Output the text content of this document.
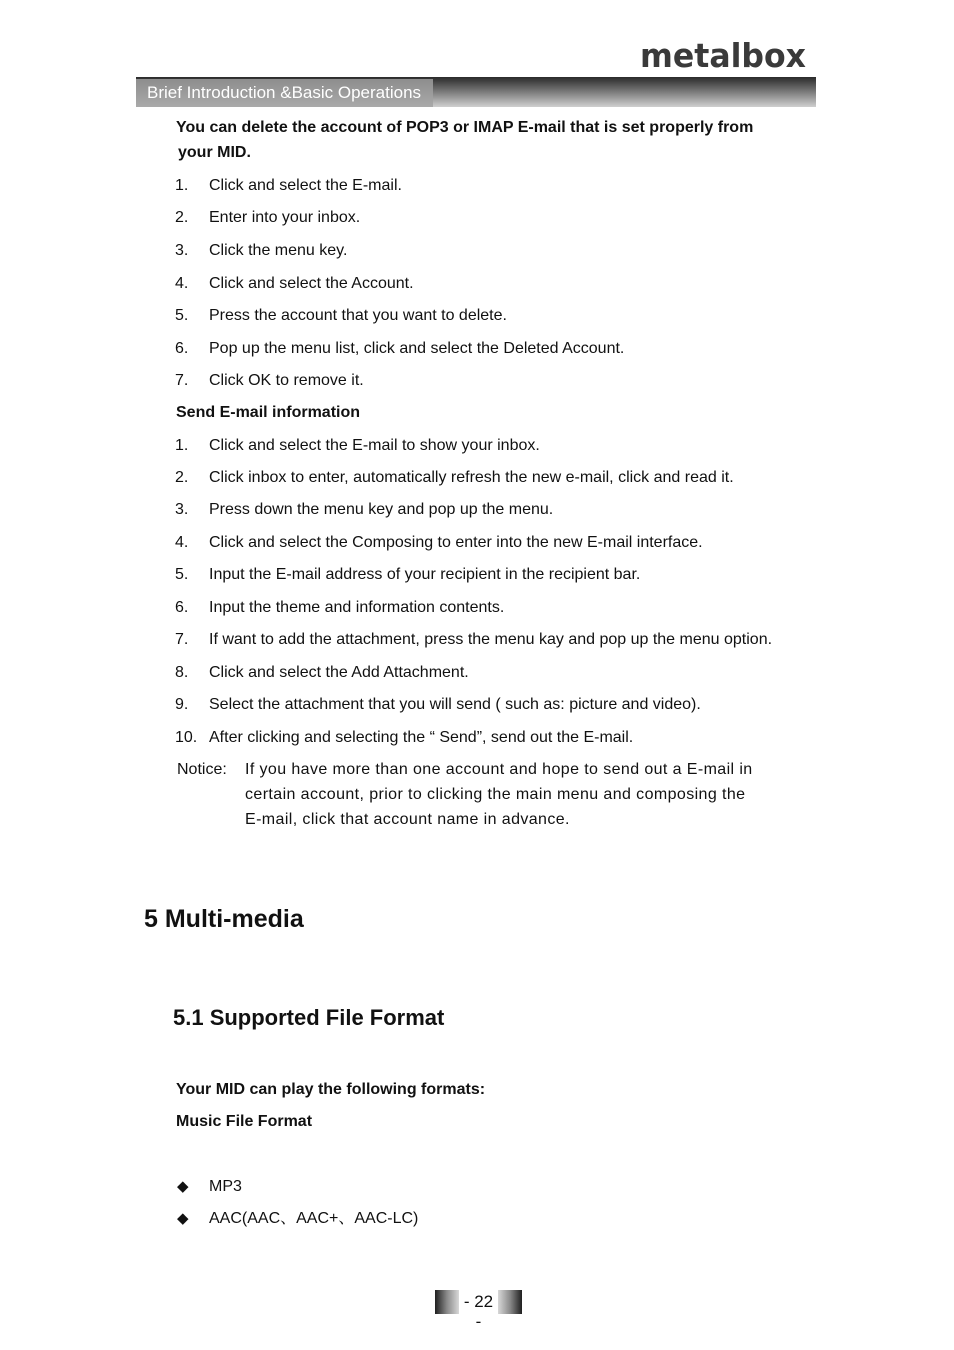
metalbox
Brief Introduction &Basic Operations
You can delete the account of POP3 or IMAP E-mail that is set properly from
your MID.
1. Click and select the E-mail.
2. Enter into your inbox.
3. Click the menu key.
4. Click and select the Account.
5. Press the account that you want to delete.
6. Pop up the menu list, click and select the Deleted Account.
7. Click OK to remove it.
Send E-mail information
1. Click and select the E-mail to show your inbox.
2. Click inbox to enter, automatically refresh the new e-mail, click and read it.
3. Press down the menu key and pop up the menu.
4. Click and select the Composing to enter into the new E-mail interface.
5. Input the E-mail address of your recipient in the recipient bar.
6. Input the theme and information contents.
7. If want to add the attachment, press the menu kay and pop up the menu option.
8. Click and select the Add Attachment.
9. Select the attachment that you will send ( such as: picture and video).
10. After clicking and selecting the “ Send”, send out the E-mail.
Notice: If you have more than one account and hope to send out a E-mail in
certain account, prior to clicking the main menu and composing the
E-mail, click that account name in advance.
5 Multi-media
5.1 Supported File Format
Your MID can play the following formats:
Music File Format
◆ MP3
◆ AAC(AAC、AAC+、AAC-LC)
- 22 -
